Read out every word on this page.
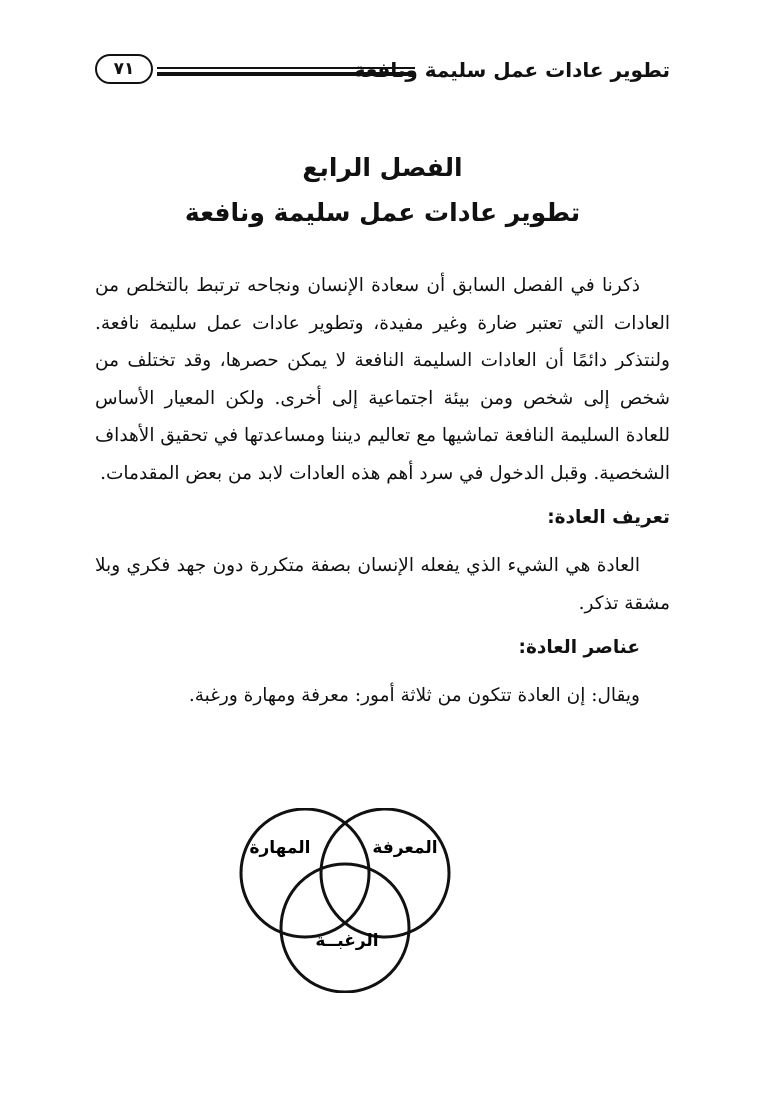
تطوير عادات عمل سليمة ونافعة
٧١
الفصل الرابع
تطوير عادات عمل سليمة ونافعة

ذكرنا في الفصل السابق أن سعادة الإنسان ونجاحه ترتبط بالتخلص من العادات التي تعتبر ضارة وغير مفيدة، وتطوير عادات عمل سليمة نافعة. ولنتذكر دائمًا أن العادات السليمة النافعة لا يمكن حصرها، وقد تختلف من شخص إلى شخص ومن بيئة اجتماعية إلى أخرى. ولكن المعيار الأساس للعادة السليمة النافعة تماشيها مع تعاليم ديننا ومساعدتها في تحقيق الأهداف الشخصية. وقبل الدخول في سرد أهم هذه العادات لابد من بعض المقدمات.

تعريف العادة:

العادة هي الشيء الذي يفعله الإنسان بصفة متكررة دون جهد فكري وبلا مشقة تذكر.

عناصر العادة:

ويقال: إن العادة تتكون من ثلاثة أمور: معرفة ومهارة ورغبة.

المعرفة
المهارة
الرغبــة
